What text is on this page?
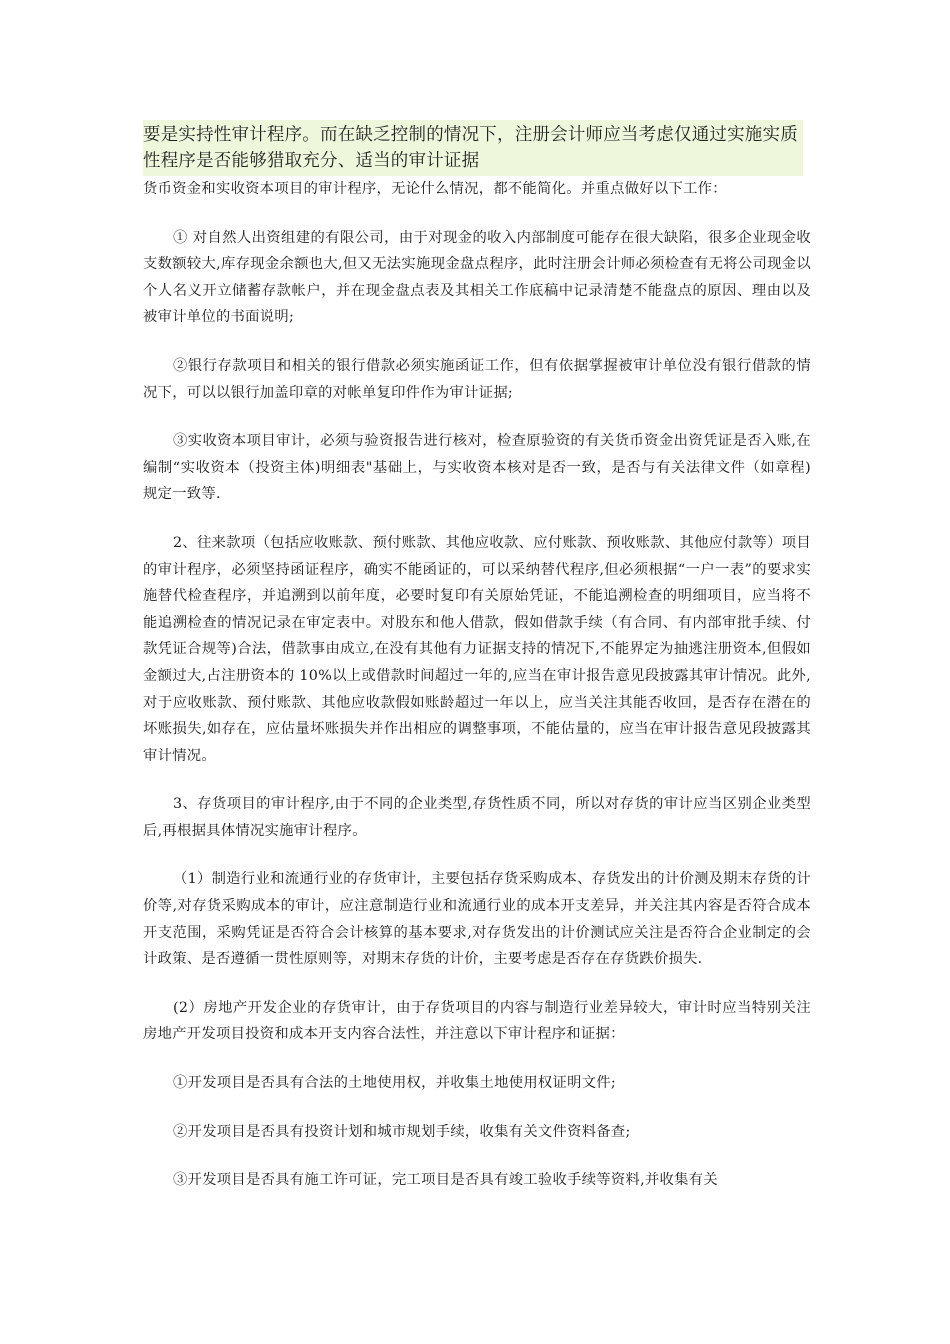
要是实持性审计程序。而在缺乏控制的情况下，注册会计师应当考虑仅通过实施实质性程序是否能够猎取充分、适当的审计证据

货币资金和实收资本项目的审计程序，无论什么情况，都不能简化。并重点做好以下工作：

① 对自然人出资组建的有限公司，由于对现金的收入内部制度可能存在很大缺陷，很多企业现金收支数额较大,库存现金余额也大,但又无法实施现金盘点程序，此时注册会计师必须检查有无将公司现金以个人名义开立储蓄存款帐户，并在现金盘点表及其相关工作底稿中记录清楚不能盘点的原因、理由以及被审计单位的书面说明;

②银行存款项目和相关的银行借款必须实施函证工作，但有依据掌握被审计单位没有银行借款的情况下，可以以银行加盖印章的对帐单复印件作为审计证据;

③实收资本项目审计，必须与验资报告进行核对，检查原验资的有关货币资金出资凭证是否入账,在编制“实收资本（投资主体)明细表"基础上，与实收资本核对是否一致，是否与有关法律文件（如章程)规定一致等.

2、往来款项（包括应收账款、预付账款、其他应收款、应付账款、预收账款、其他应付款等）项目的审计程序，必须坚持函证程序，确实不能函证的，可以采纳替代程序,但必须根据“一户一表”的要求实施替代检查程序，并追溯到以前年度，必要时复印有关原始凭证，不能追溯检查的明细项目，应当将不能追溯检查的情况记录在审定表中。对股东和他人借款，假如借款手续（有合同、有内部审批手续、付款凭证合规等)合法，借款事由成立,在没有其他有力证据支持的情况下,不能界定为抽逃注册资本,但假如金额过大,占注册资本的 10%以上或借款时间超过一年的,应当在审计报告意见段披露其审计情况。此外,对于应收账款、预付账款、其他应收款假如账龄超过一年以上，应当关注其能否收回，是否存在潜在的坏账损失,如存在，应估量坏账损失并作出相应的调整事项，不能估量的，应当在审计报告意见段披露其审计情况。

3、存货项目的审计程序,由于不同的企业类型,存货性质不同，所以对存货的审计应当区别企业类型后,再根据具体情况实施审计程序。

（1）制造行业和流通行业的存货审计，主要包括存货采购成本、存货发出的计价测及期末存货的计价等,对存货采购成本的审计，应注意制造行业和流通行业的成本开支差异，并关注其内容是否符合成本开支范围，采购凭证是否符合会计核算的基本要求,对存货发出的计价测试应关注是否符合企业制定的会计政策、是否遵循一贯性原则等，对期末存货的计价，主要考虑是否存在存货跌价损失.

(2）房地产开发企业的存货审计，由于存货项目的内容与制造行业差异较大，审计时应当特别关注房地产开发项目投资和成本开支内容合法性，并注意以下审计程序和证据：

①开发项目是否具有合法的土地使用权，并收集土地使用权证明文件;

②开发项目是否具有投资计划和城市规划手续，收集有关文件资料备查;

③开发项目是否具有施工许可证，完工项目是否具有竣工验收手续等资料,并收集有关
